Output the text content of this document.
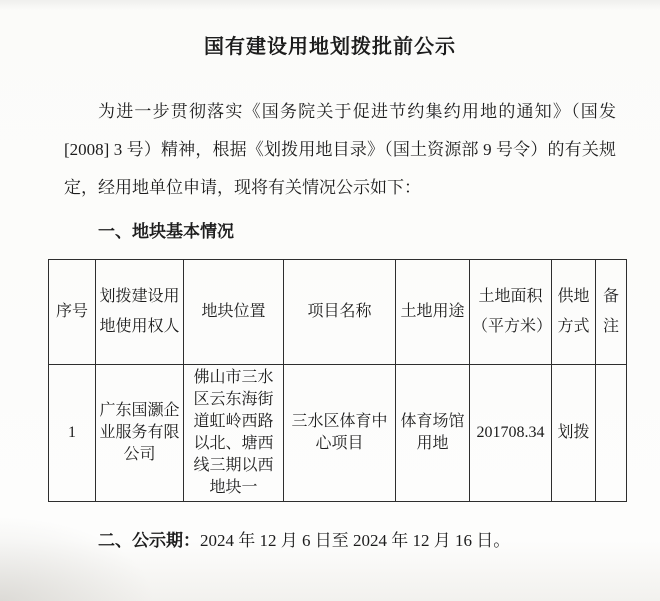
国有建设用地划拨批前公示

为进一步贯彻落实《国务院关于促进节约集约用地的通知》（国发[2008] 3 号）精神，根据《划拨用地目录》（国土资源部 9 号令）的有关规定，经用地单位申请，现将有关情况公示如下：

一、地块基本情况
序号	划拨建设用地使用权人	地块位置	项目名称	土地用途	土地面积（平方米）	供地方式	备注
1	广东国灏企业服务有限公司	佛山市三水区云东海街道虹岭西路以北、塘西线三期以西地块一	三水区体育中心项目	体育场馆用地	201708.34	划拨	

二、公示期：2024 年 12 月 6 日至 2024 年 12 月 16 日。
